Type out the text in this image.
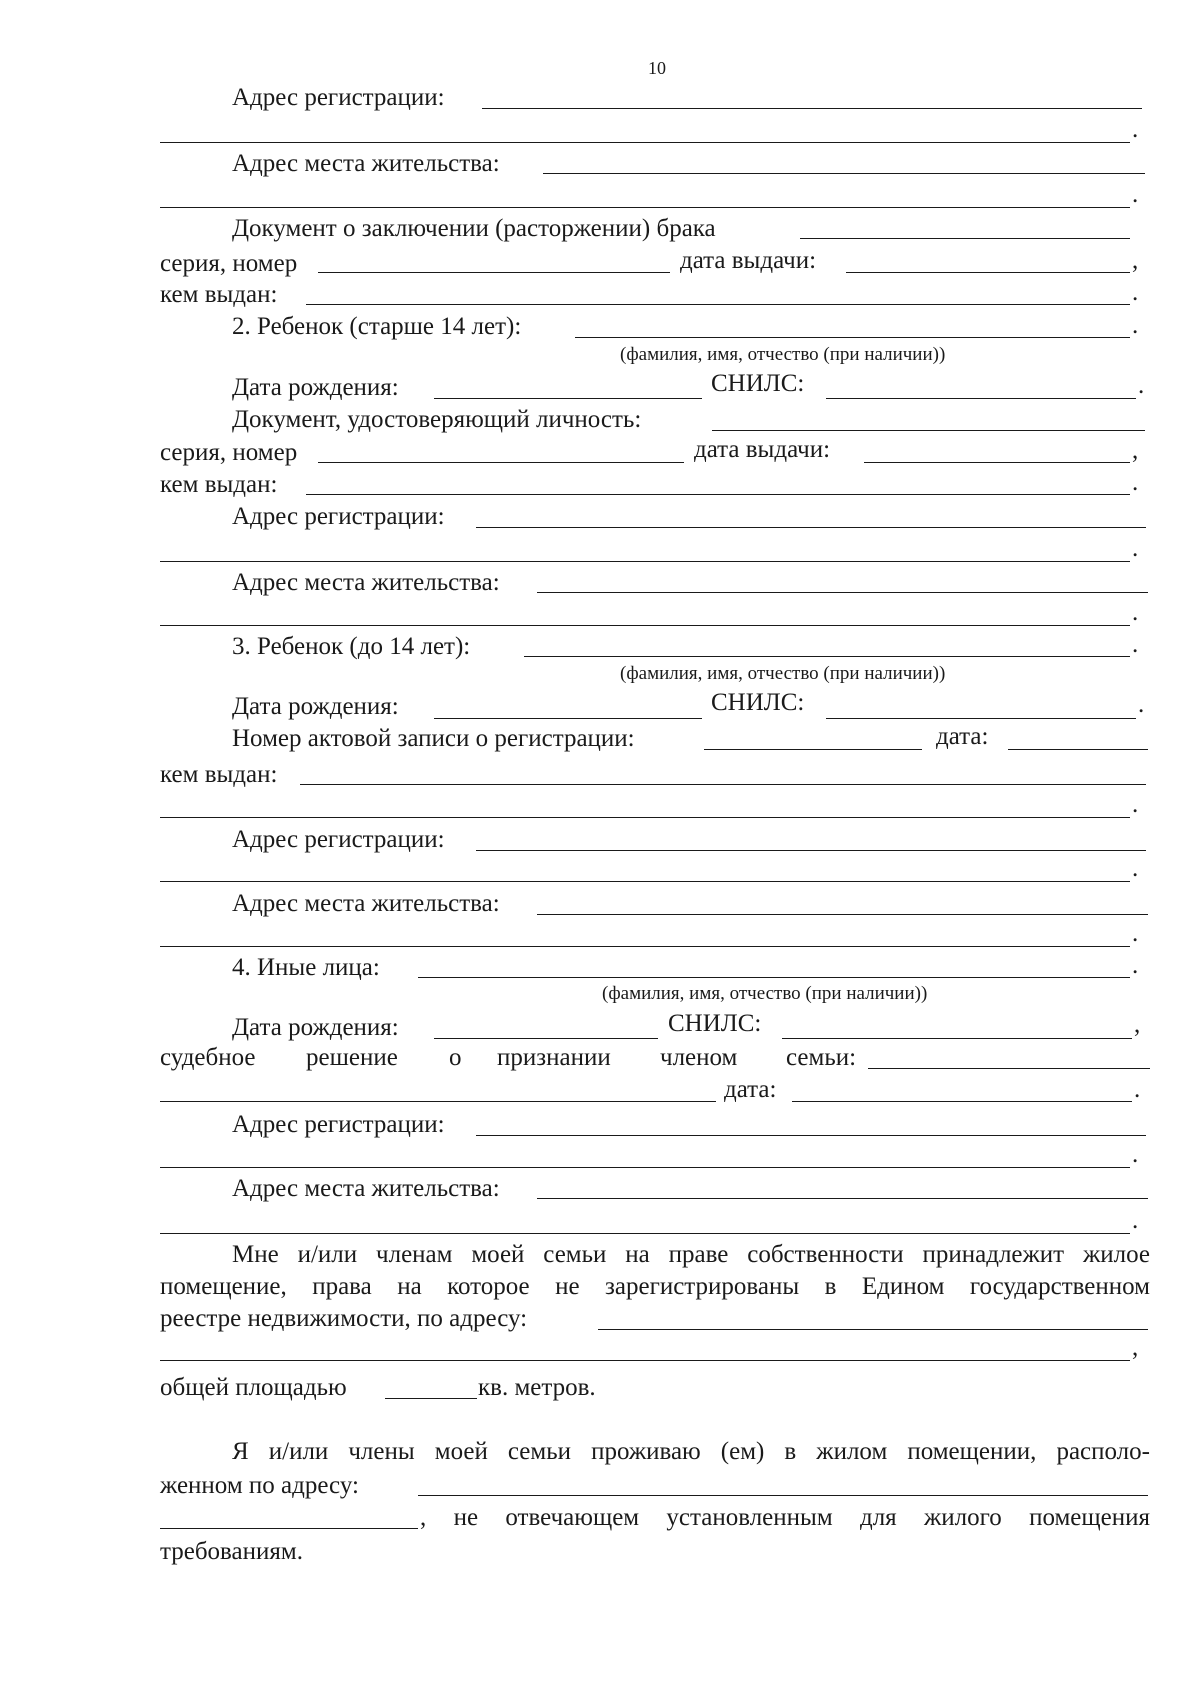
10
Адрес регистрации:
.
Адрес места жительства:
.
Документ о заключении (расторжении) брака
серия, номер	дата выдачи:	,
кем выдан:	.
2. Ребенок (старше 14 лет):	.
(фамилия, имя, отчество (при наличии))
Дата рождения:	СНИЛС:	.
Документ, удостоверяющий личность:
серия, номер	дата выдачи:	,
кем выдан:	.
Адрес регистрации:
.
Адрес места жительства:
.
3. Ребенок (до 14 лет):	.
(фамилия, имя, отчество (при наличии))
Дата рождения:	СНИЛС:	.
Номер актовой записи о регистрации:	дата:
кем выдан:
.
Адрес регистрации:
.
Адрес места жительства:
.
4. Иные лица:	.
(фамилия, имя, отчество (при наличии))
Дата рождения:	СНИЛС:	,
судебное решение о признании членом семьи:
дата:	.
Адрес регистрации:
.
Адрес места жительства:
.
Мне и/или членам моей семьи на праве собственности принадлежит жилое
помещение, права на которое не зарегистрированы в Едином государственном
реестре недвижимости, по адресу:
,
общей площадью	кв. метров.
Я и/или члены моей семьи проживаю (ем) в жилом помещении, располо-
женном по адресу:
, не отвечающем установленным для жилого помещения
требованиям.
